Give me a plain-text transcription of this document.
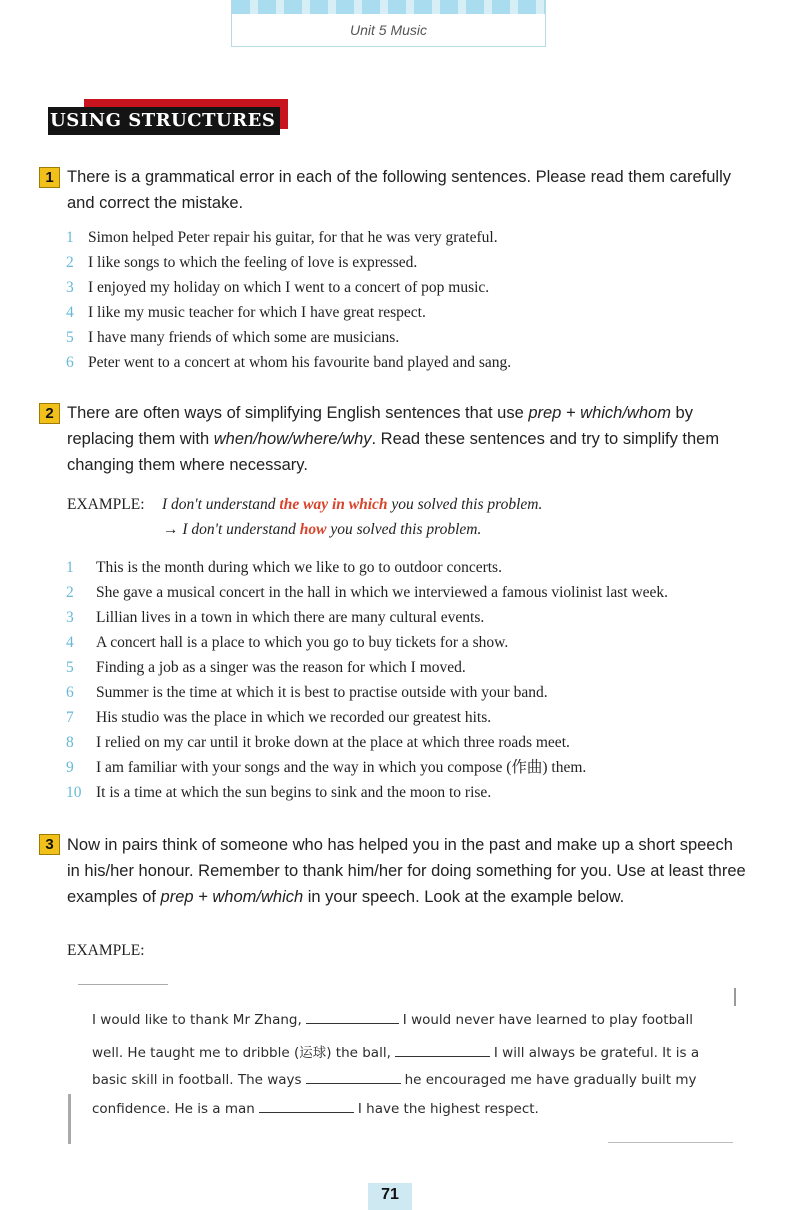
Unit 5 Music
USING STRUCTURES
1 There is a grammatical error in each of the following sentences. Please read them carefully and correct the mistake.
1 Simon helped Peter repair his guitar, for that he was very grateful.
2 I like songs to which the feeling of love is expressed.
3 I enjoyed my holiday on which I went to a concert of pop music.
4 I like my music teacher for which I have great respect.
5 I have many friends of which some are musicians.
6 Peter went to a concert at whom his favourite band played and sang.
2 There are often ways of simplifying English sentences that use prep + which/whom by replacing them with when/how/where/why. Read these sentences and try to simplify them changing them where necessary.
EXAMPLE: I don't understand the way in which you solved this problem.
→ I don't understand how you solved this problem.
1 This is the month during which we like to go to outdoor concerts.
2 She gave a musical concert in the hall in which we interviewed a famous violinist last week.
3 Lillian lives in a town in which there are many cultural events.
4 A concert hall is a place to which you go to buy tickets for a show.
5 Finding a job as a singer was the reason for which I moved.
6 Summer is the time at which it is best to practise outside with your band.
7 His studio was the place in which we recorded our greatest hits.
8 I relied on my car until it broke down at the place at which three roads meet.
9 I am familiar with your songs and the way in which you compose (作曲) them.
10 It is a time at which the sun begins to sink and the moon to rise.
3 Now in pairs think of someone who has helped you in the past and make up a short speech in his/her honour. Remember to thank him/her for doing something for you. Use at least three examples of prep + whom/which in your speech. Look at the example below.
EXAMPLE:
I would like to thank Mr Zhang,	I would never have learned to play football
well. He taught me to dribble (运球) the ball,	I will always be grateful. It is a
basic skill in football. The ways	he encouraged me have gradually built my
confidence. He is a man	I have the highest respect.
71
